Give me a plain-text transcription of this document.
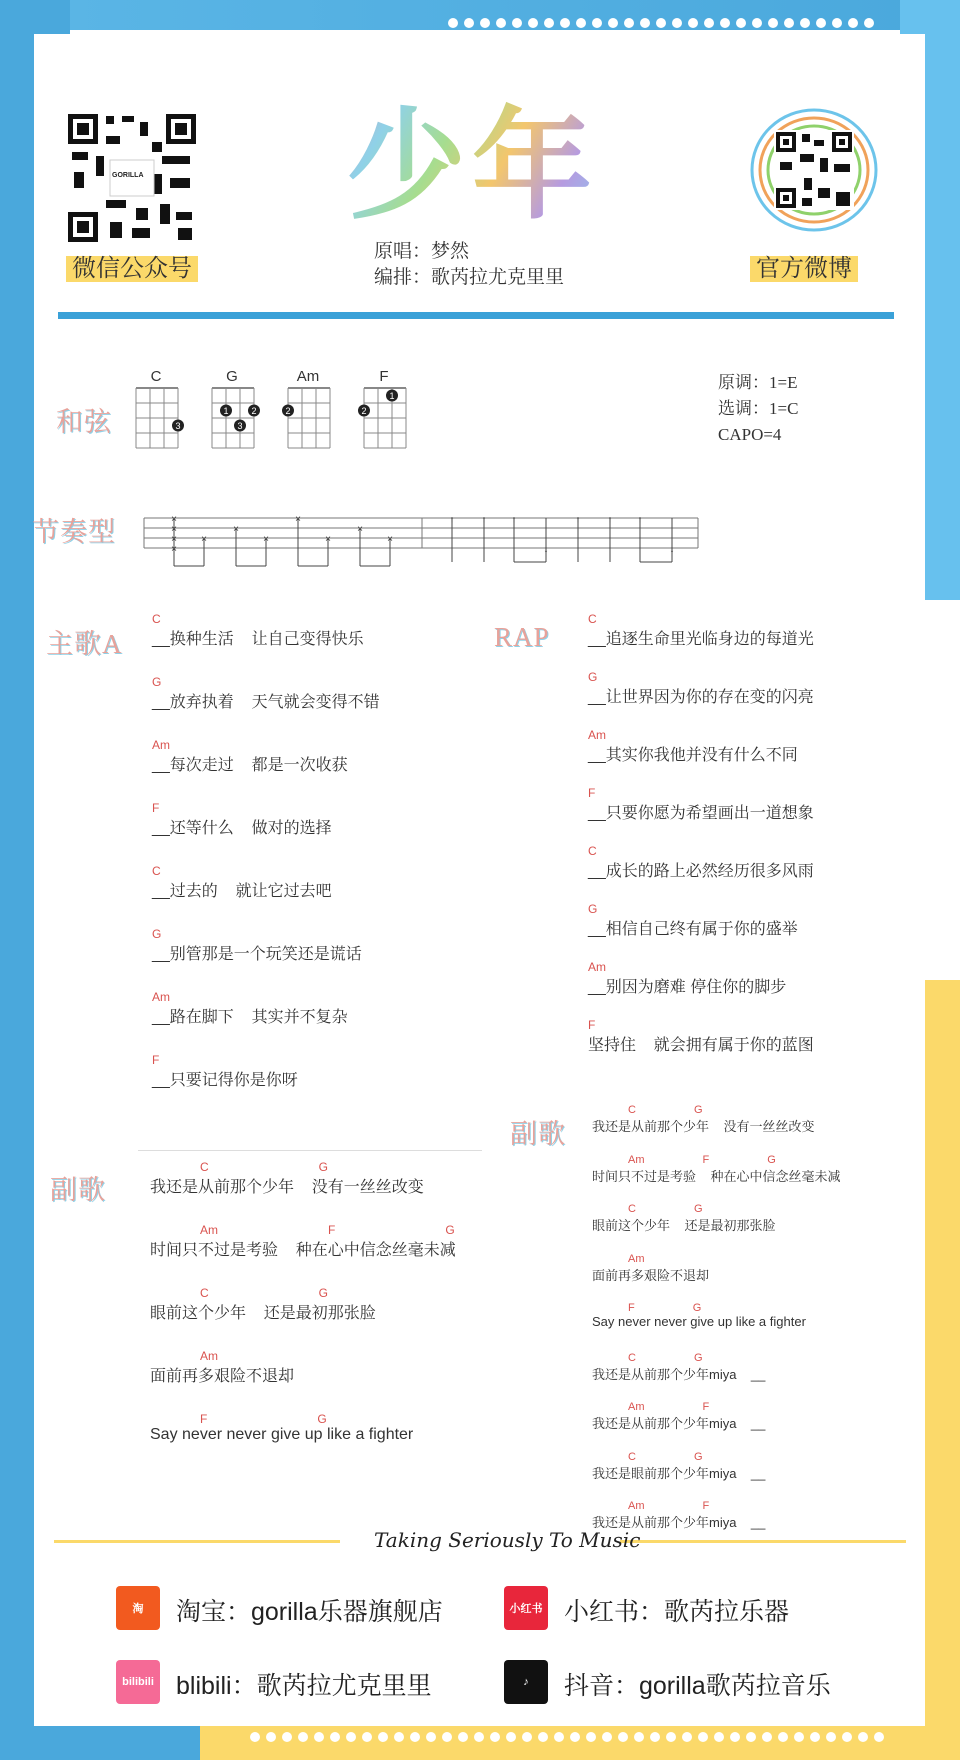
GORILLA
微信公众号
少年
原唱：梦然
编排：歌芮拉尤克里里	官方微博
和弦
C
3
G
1
3
2
Am
2
F
2
1
原调：1=E
选调：1=C
CAPO=4
节奏型	×
×
×
×
×
×
×
×
×
×
×
↑	↑	↑
↓
↑	↑	↑
↓
主歌A
C
__换种生活    让自己变得快乐
G
__放弃执着    天气就会变得不错
Am
__每次走过    都是一次收获
F
__还等什么    做对的选择
C
__过去的    就让它过去吧
G
__别管那是一个玩笑还是谎话
Am
__路在脚下    其实并不复杂
F
__只要记得你是你呀
RAP
C
__追逐生命里光临身边的每道光
G
__让世界因为你的存在变的闪亮
Am
__其实你我他并没有什么不同
F
__只要你愿为希望画出一道想象
C
__成长的路上必然经历很多风雨
G
__相信自己终有属于你的盛举
Am
__别因为磨难 停住你的脚步
F
坚持住    就会拥有属于你的蓝图
副歌
C	G
我还是从前那个少年    没有一丝丝改变
Am	F	G
时间只不过是考验    种在心中信念丝毫未减
C	G
眼前这个少年    还是最初那张脸
Am
面前再多艰险不退却
F	G
Say never never give up like a fighter
副歌
C	G
我还是从前那个少年    没有一丝丝改变
Am	F	G
时间只不过是考验    种在心中信念丝毫未减
C	G
眼前这个少年    还是最初那张脸
Am
面前再多艰险不退却
F	G
Say never never give up like a fighter
C	G
我还是从前那个少年miya    __
Am	F
我还是从前那个少年miya    __
C	G
我还是眼前那个少年miya    __
Am	F
我还是从前那个少年miya    __
Taking Seriously To Music
淘	淘宝：gorilla乐器旗舰店	小红书 小红书：歌芮拉乐器
bilibili blibili：歌芮拉尤克里里	♪	抖音：gorilla歌芮拉音乐
